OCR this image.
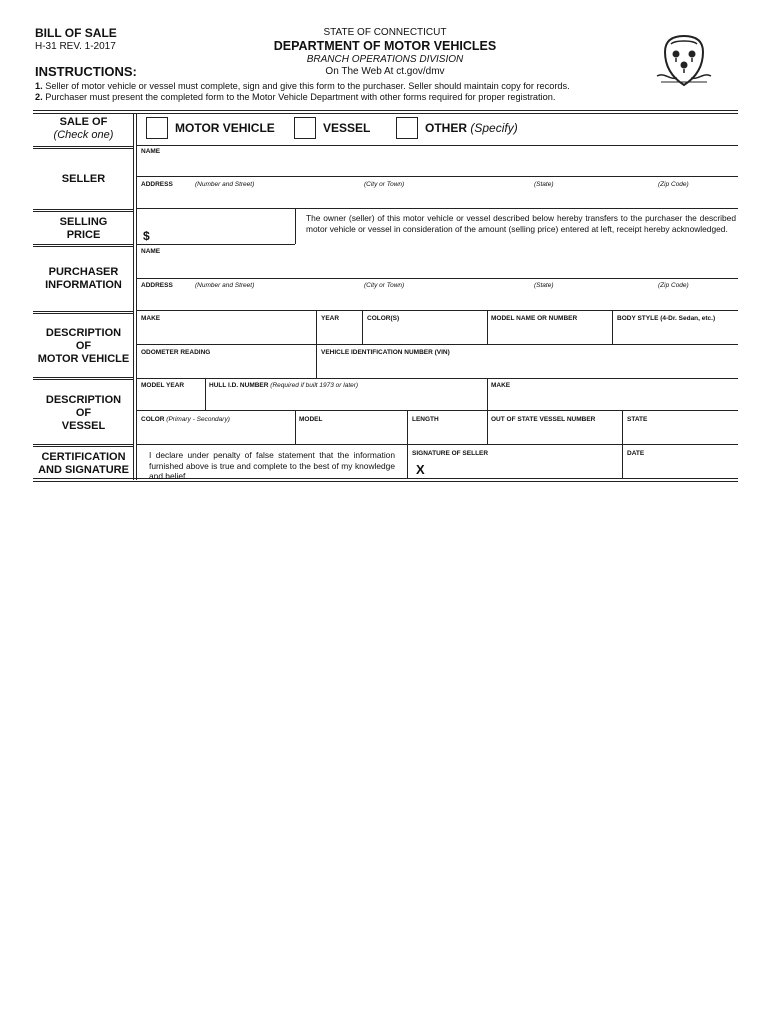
BILL OF SALE
H-31 REV. 1-2017
INSTRUCTIONS:
STATE OF CONNECTICUT
DEPARTMENT OF MOTOR VEHICLES
BRANCH OPERATIONS DIVISION
On The Web At ct.gov/dmv
1. Seller of motor vehicle or vessel must complete, sign and give this form to the purchaser. Seller should maintain copy for records.
2. Purchaser must present the completed form to the Motor Vehicle Department with other forms required for proper registration.
SALE OF
(Check one)	MOTOR VEHICLE	VESSEL	OTHER (Specify)
SELLER
NAME
ADDRESS	(Number and Street)	(City or Town)	(State)	(Zip Code)
SELLING
PRICE	$
The owner (seller) of this motor vehicle or vessel described below hereby transfers to the purchaser the described motor vehicle or vessel in consideration of the amount (selling price) entered at left, receipt hereby acknowledged.
PURCHASER
INFORMATION
NAME
ADDRESS	(Number and Street)	(City or Town)	(State)	(Zip Code)
DESCRIPTION
OF
MOTOR VEHICLE
MAKE	YEAR	COLOR(S)	MODEL NAME OR NUMBER	BODY STYLE (4-Dr. Sedan, etc.)
ODOMETER READING	VEHICLE IDENTIFICATION NUMBER (VIN)
DESCRIPTION
OF
VESSEL
MODEL YEAR	HULL I.D. NUMBER (Required if built 1973 or later)	MAKE
COLOR (Primary - Secondary)	MODEL	LENGTH	OUT OF STATE VESSEL NUMBER	STATE
CERTIFICATION
AND SIGNATURE
I declare under penalty of false statement that the information furnished above is true and complete to the best of my knowledge and belief.
SIGNATURE OF SELLER
X
DATE
